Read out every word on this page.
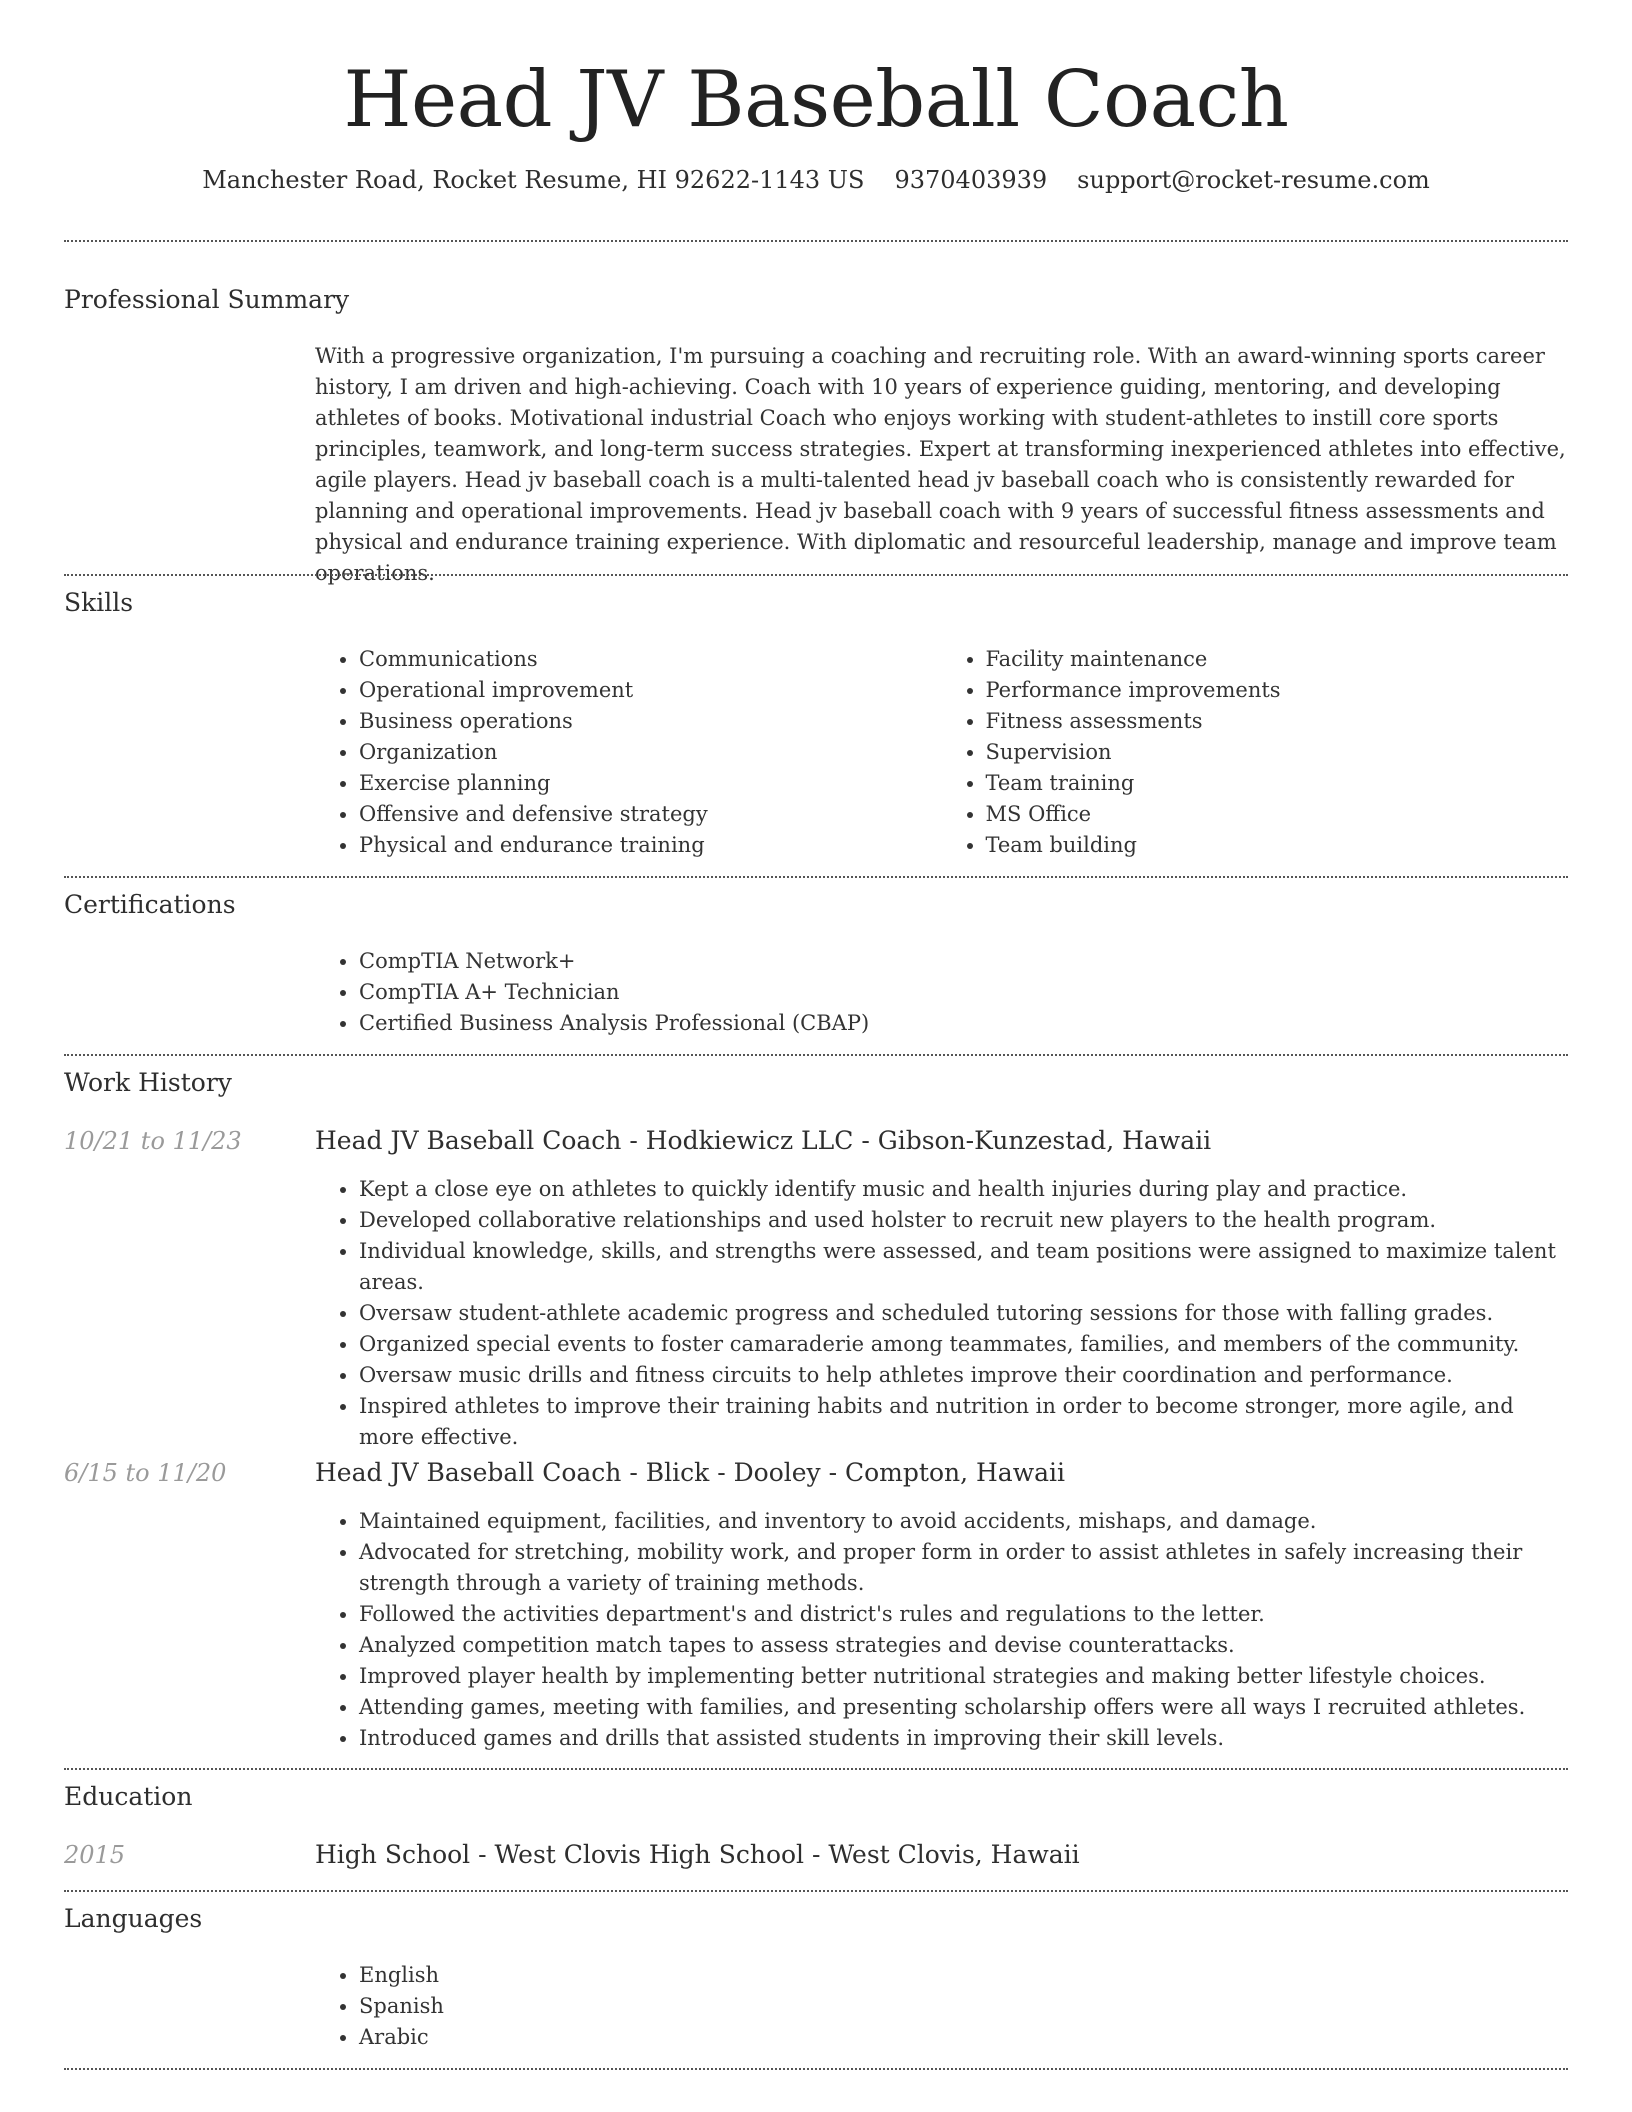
Head JV Baseball Coach
Manchester Road, Rocket Resume, HI 92622-1143 US 9370403939 support@rocket-resume.com
Professional Summary

With a progressive organization, I'm pursuing a coaching and recruiting role. With an award-winning sports career history, I am driven and high-achieving. Coach with 10 years of experience guiding, mentoring, and developing athletes of books. Motivational industrial Coach who enjoys working with student-athletes to instill core sports principles, teamwork, and long-term success strategies. Expert at transforming inexperienced athletes into effective, agile players. Head jv baseball coach is a multi-talented head jv baseball coach who is consistently rewarded for planning and operational improvements. Head jv baseball coach with 9 years of successful fitness assessments and physical and endurance training experience. With diplomatic and resourceful leadership, manage and improve team operations.

Skills
• Communications
• Operational improvement
• Business operations
• Organization
• Exercise planning
• Offensive and defensive strategy
• Physical and endurance training
• Facility maintenance
• Performance improvements
• Fitness assessments
• Supervision
• Team training
• MS Office
• Team building
Certifications
• CompTIA Network+
• CompTIA A+ Technician
• Certified Business Analysis Professional (CBAP)
Work History
10/21 to 11/23	Head JV Baseball Coach - Hodkiewicz LLC - Gibson-Kunzestad, Hawaii
• Kept a close eye on athletes to quickly identify music and health injuries during play and practice.
• Developed collaborative relationships and used holster to recruit new players to the health program.
• Individual knowledge, skills, and strengths were assessed, and team positions were assigned to maximize talent areas.
• Oversaw student-athlete academic progress and scheduled tutoring sessions for those with falling grades.
• Organized special events to foster camaraderie among teammates, families, and members of the community.
• Oversaw music drills and fitness circuits to help athletes improve their coordination and performance.
• Inspired athletes to improve their training habits and nutrition in order to become stronger, more agile, and more effective.
6/15 to 11/20	Head JV Baseball Coach - Blick - Dooley - Compton, Hawaii
• Maintained equipment, facilities, and inventory to avoid accidents, mishaps, and damage.
• Advocated for stretching, mobility work, and proper form in order to assist athletes in safely increasing their strength through a variety of training methods.
• Followed the activities department's and district's rules and regulations to the letter.
• Analyzed competition match tapes to assess strategies and devise counterattacks.
• Improved player health by implementing better nutritional strategies and making better lifestyle choices.
• Attending games, meeting with families, and presenting scholarship offers were all ways I recruited athletes.
• Introduced games and drills that assisted students in improving their skill levels.
Education
2015	High School - West Clovis High School - West Clovis, Hawaii
Languages
• English
• Spanish
• Arabic
